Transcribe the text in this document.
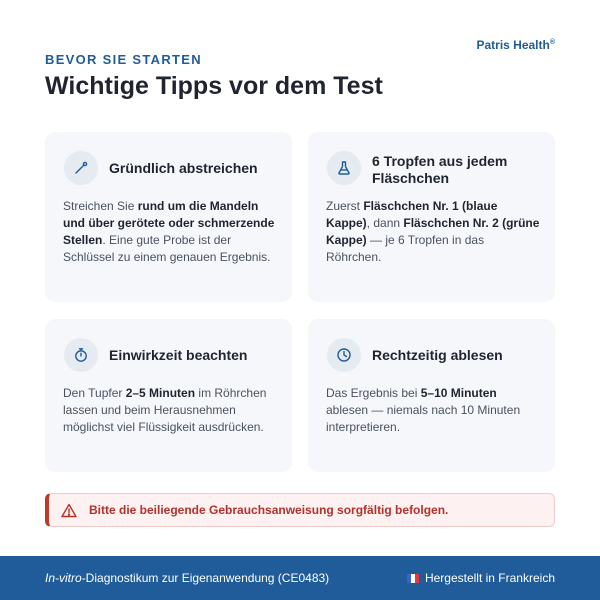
BEVOR SIE STARTEN
Patris Health®
Wichtige Tipps vor dem Test
Gründlich abstreichen
Streichen Sie rund um die Mandeln und über gerötete oder schmerzende Stellen. Eine gute Probe ist der Schlüssel zu einem genauen Ergebnis.
6 Tropfen aus jedem Fläschchen
Zuerst Fläschchen Nr. 1 (blaue Kappe), dann Fläschchen Nr. 2 (grüne Kappe) — je 6 Tropfen in das Röhrchen.
Einwirkzeit beachten
Den Tupfer 2–5 Minuten im Röhrchen lassen und beim Herausnehmen möglichst viel Flüssigkeit ausdrücken.
Rechtzeitig ablesen
Das Ergebnis bei 5–10 Minuten ablesen — niemals nach 10 Minuten interpretieren.
Bitte die beiliegende Gebrauchsanweisung sorgfältig befolgen.
In-vitro-Diagnostikum zur Eigenanwendung (CE0483)	Hergestellt in Frankreich
